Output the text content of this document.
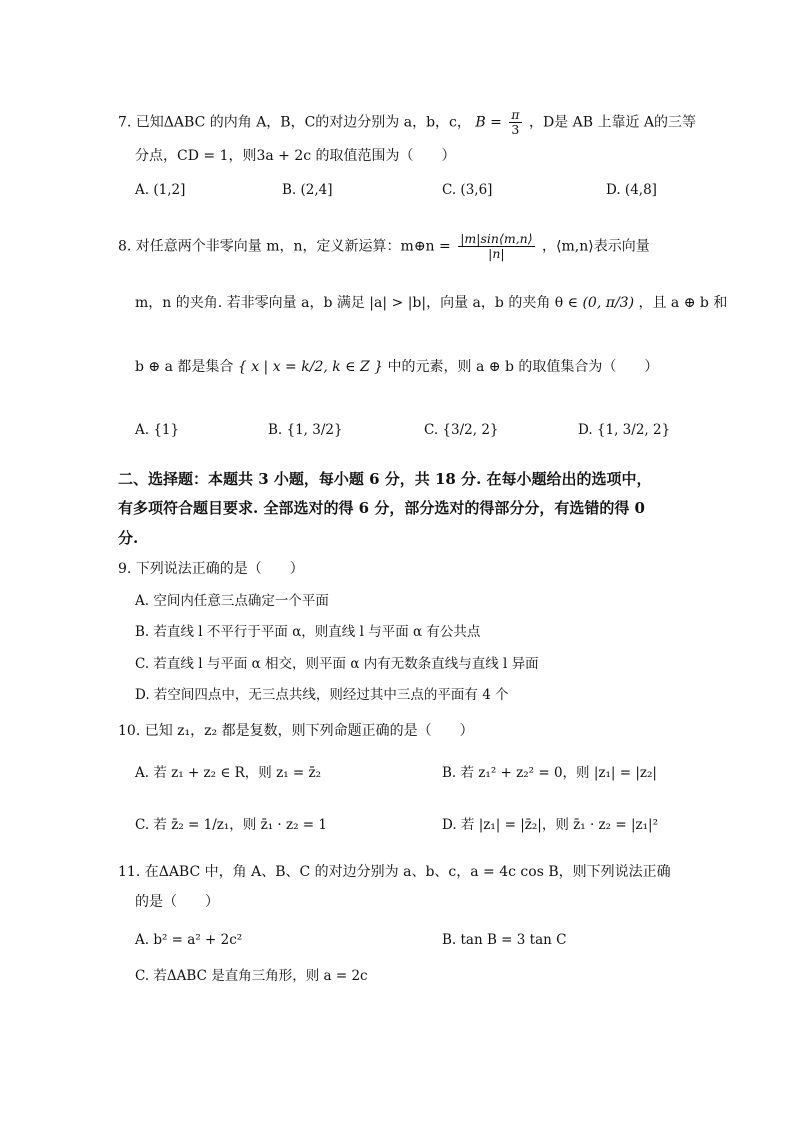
7. 已知ΔABC 的内角 A，B，C的对边分别为 a，b，c， $B = \frac{\pi}{3}$ ，D是 AB 上靠近 A的三等
分点，CD = 1，则3a + 2c 的取值范围为（　　）
A. (1,2]	B. (2,4]	C. (3,6]	D. (4,8]
8. 对任意两个非零向量 m，n，定义新运算：m⊕n = $\frac{|m|\sin⟨m,n⟩}{|n|}$ ，⟨m,n⟩表示向量
m，n 的夹角. 若非零向量 a，b 满足 |a| > |b|，向量 a，b 的夹角 θ ∈ (0, π/3) ，且 a ⊕ b 和
b ⊕ a 都是集合 { x | x = k/2, k ∈ Z } 中的元素，则 a ⊕ b 的取值集合为（　　）
A. {1}	B. {1, 3/2}	C. {3/2, 2}	D. {1, 3/2, 2}
二、选择题：本题共 3 小题，每小题 6 分，共 18 分. 在每小题给出的选项中，
有多项符合题目要求. 全部选对的得 6 分，部分选对的得部分分，有选错的得 0
分.
9. 下列说法正确的是（　　）
A. 空间内任意三点确定一个平面
B. 若直线 l 不平行于平面 α，则直线 l 与平面 α 有公共点
C. 若直线 l 与平面 α 相交，则平面 α 内有无数条直线与直线 l 异面
D. 若空间四点中，无三点共线，则经过其中三点的平面有 4 个
10. 已知 z₁，z₂ 都是复数，则下列命题正确的是（　　）
A. 若 z₁ + z₂ ∈ R，则 z₁ = z̄₂	B. 若 z₁² + z₂² = 0，则 |z₁| = |z₂|
C. 若 z̄₂ = 1/z₁，则 z̄₁ · z₂ = 1	D. 若 |z₁| = |z̄₂|，则 z̄₁ · z₂ = |z₁|²
11. 在ΔABC 中，角 A、B、C 的对边分别为 a、b、c，a = 4c cos B，则下列说法正确
的是（　　）
A. b² = a² + 2c²	B. tan B = 3 tan C
C. 若ΔABC 是直角三角形，则 a = 2c
